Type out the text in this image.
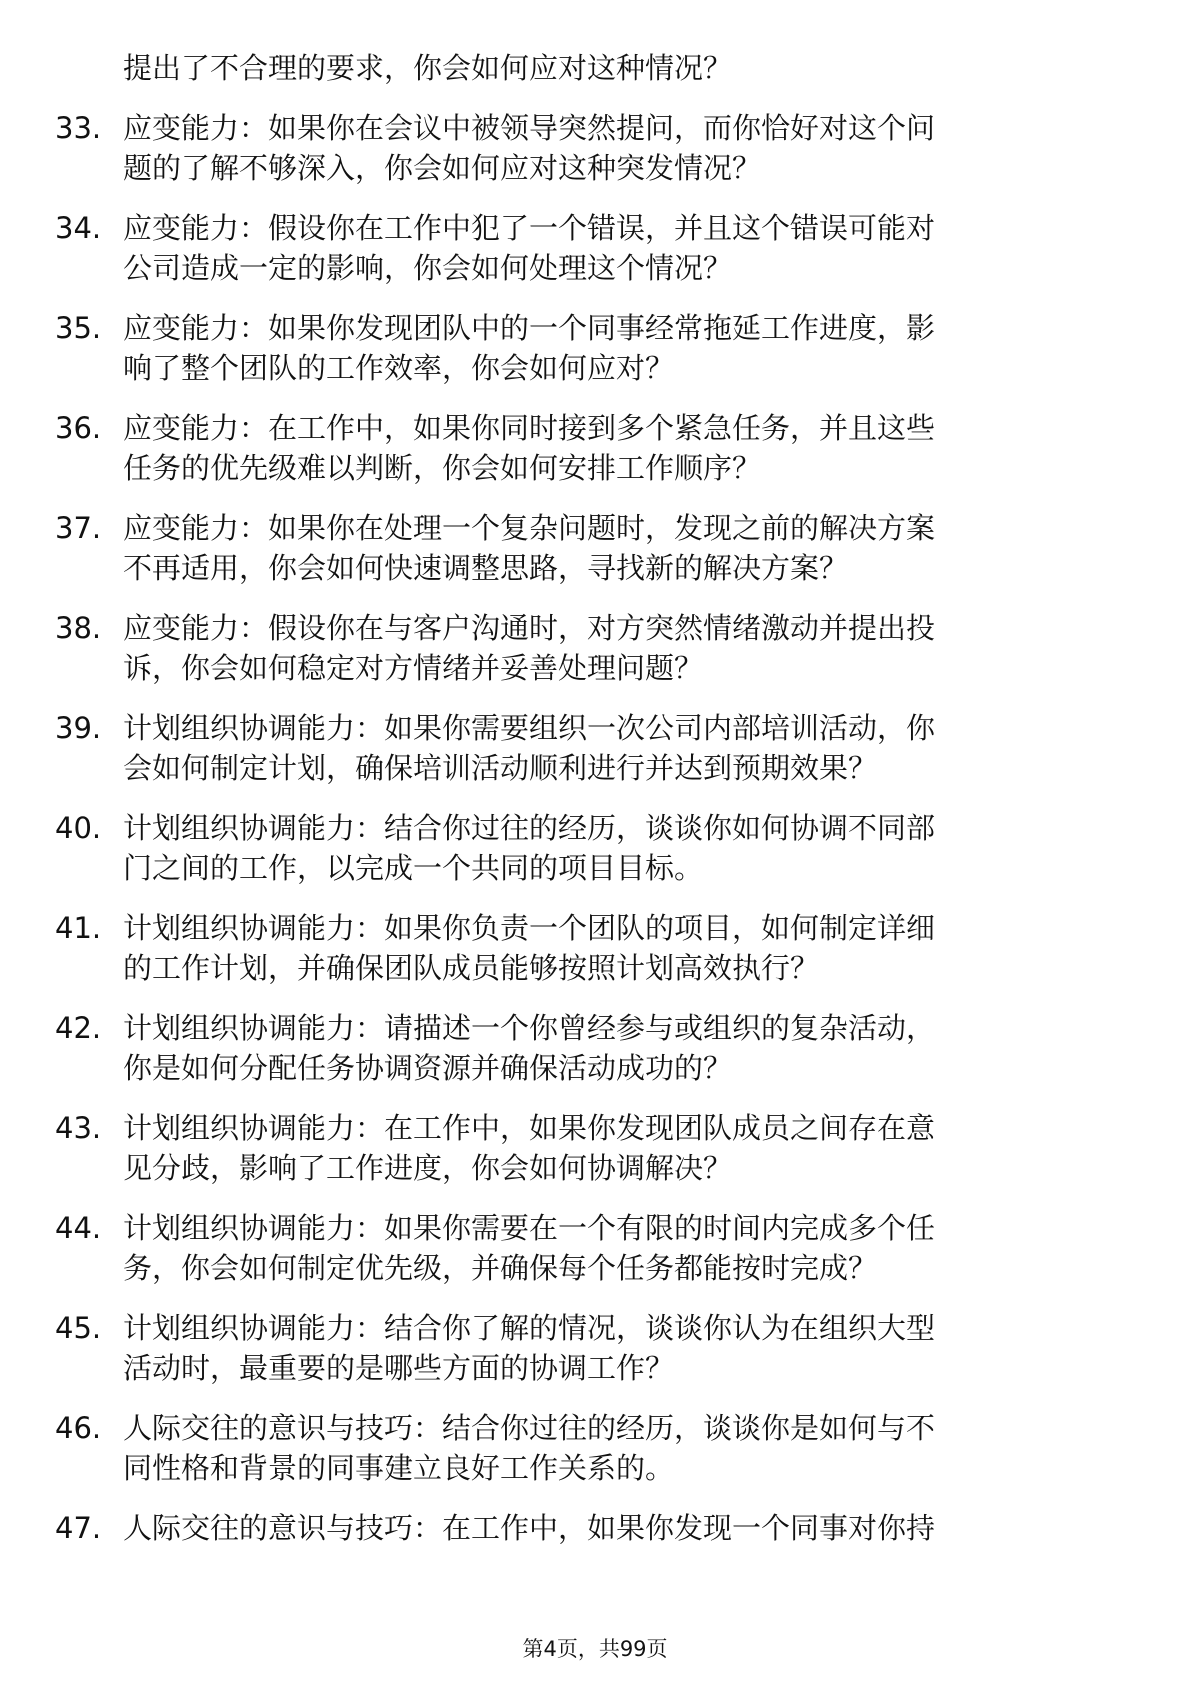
提出了不合理的要求，你会如何应对这种情况？
33. 应变能力：如果你在会议中被领导突然提问，而你恰好对这个问
题的了解不够深入，你会如何应对这种突发情况？
34. 应变能力：假设你在工作中犯了一个错误，并且这个错误可能对
公司造成一定的影响，你会如何处理这个情况？
35. 应变能力：如果你发现团队中的一个同事经常拖延工作进度，影
响了整个团队的工作效率，你会如何应对？
36. 应变能力：在工作中，如果你同时接到多个紧急任务，并且这些
任务的优先级难以判断，你会如何安排工作顺序？
37. 应变能力：如果你在处理一个复杂问题时，发现之前的解决方案
不再适用，你会如何快速调整思路，寻找新的解决方案？
38. 应变能力：假设你在与客户沟通时，对方突然情绪激动并提出投
诉，你会如何稳定对方情绪并妥善处理问题？
39. 计划组织协调能力：如果你需要组织一次公司内部培训活动，你
会如何制定计划，确保培训活动顺利进行并达到预期效果？
40. 计划组织协调能力：结合你过往的经历，谈谈你如何协调不同部
门之间的工作，以完成一个共同的项目目标。
41. 计划组织协调能力：如果你负责一个团队的项目，如何制定详细
的工作计划，并确保团队成员能够按照计划高效执行？
42. 计划组织协调能力：请描述一个你曾经参与或组织的复杂活动，
你是如何分配任务协调资源并确保活动成功的？
43. 计划组织协调能力：在工作中，如果你发现团队成员之间存在意
见分歧，影响了工作进度，你会如何协调解决？
44. 计划组织协调能力：如果你需要在一个有限的时间内完成多个任
务，你会如何制定优先级，并确保每个任务都能按时完成？
45. 计划组织协调能力：结合你了解的情况，谈谈你认为在组织大型
活动时，最重要的是哪些方面的协调工作？
46. 人际交往的意识与技巧：结合你过往的经历，谈谈你是如何与不
同性格和背景的同事建立良好工作关系的。
47. 人际交往的意识与技巧：在工作中，如果你发现一个同事对你持
第4页，共99页
